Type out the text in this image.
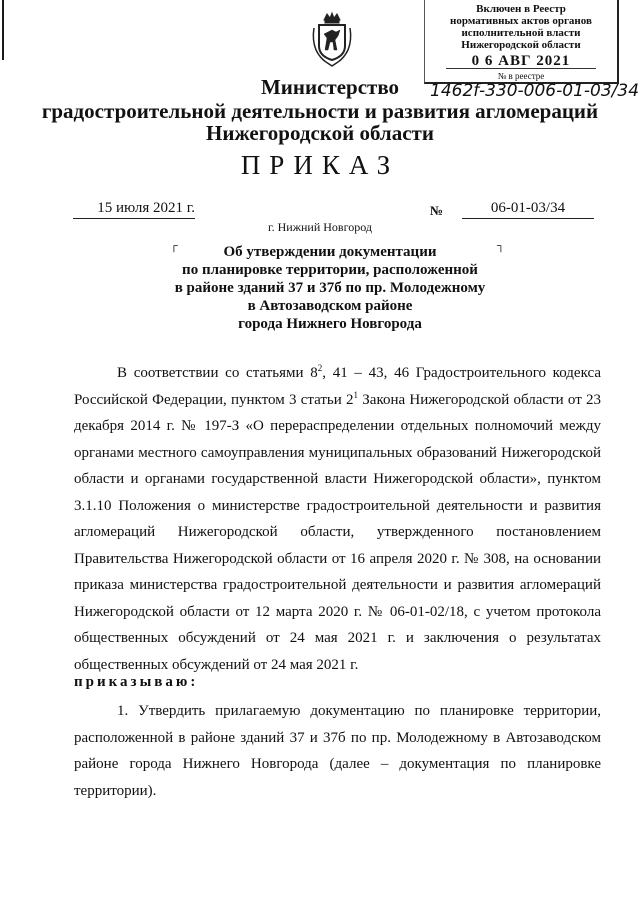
Включен в Реестр
нормативных актов органов
исполнительной власти
Нижегородской области
0 6 АВГ 2021
№ в реестре
1462f-330-006-01-03/34
Министерство
градостроительной деятельности и развития агломераций
Нижегородской области
ПРИКАЗ
15 июля 2021 г.	№	06-01-03/34
г. Нижний Новгород
┌	┐
Об утверждении документации
по планировке территории, расположенной
в районе зданий 37 и 37б по пр. Молодежному
в Автозаводском районе
города Нижнего Новгорода
В соответствии со статьями $8^2$, 41 – 43, 46 Градостроительного кодекса Российской Федерации, пунктом 3 статьи $2^1$ Закона Нижегородской области от 23 декабря 2014 г. № 197-З «О перераспределении отдельных полномочий между органами местного самоуправления муниципальных образований Нижегородской области и органами государственной власти Нижегородской области», пунктом 3.1.10 Положения о министерстве градостроительной деятельности и развития агломераций Нижегородской области, утвержденного постановлением Правительства Нижегородской области от 16 апреля 2020 г. № 308, на основании приказа министерства градостроительной деятельности и развития агломераций Нижегородской области от 12 марта 2020 г. № 06-01-02/18, с учетом протокола общественных обсуждений от 24 мая 2021 г. и заключения о результатах общественных обсуждений от 24 мая 2021 г.
приказываю:
1. Утвердить прилагаемую документацию по планировке территории, расположенной в районе зданий 37 и 37б по пр. Молодежному в Автозаводском районе города Нижнего Новгорода (далее – документация по планировке территории).
